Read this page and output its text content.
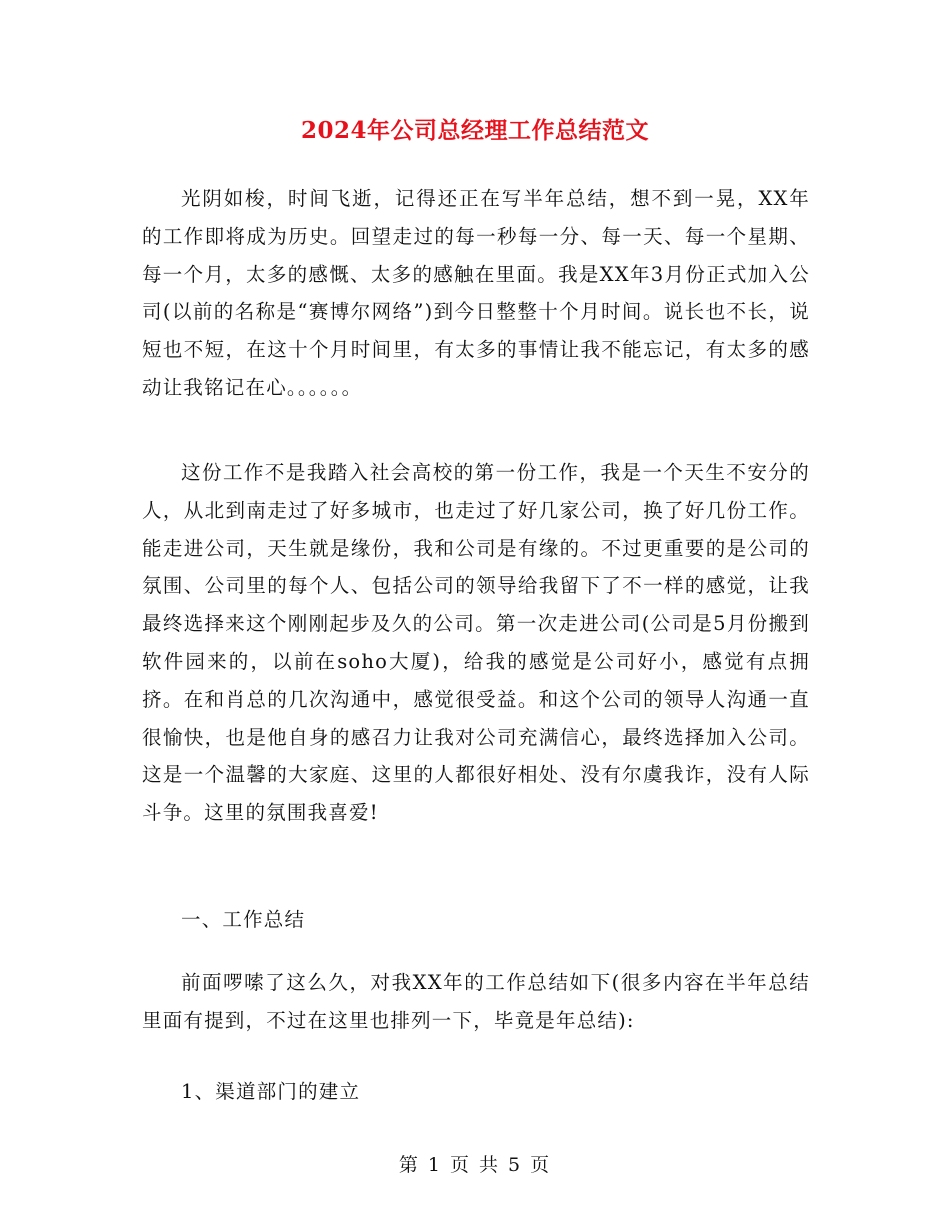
2024年公司总经理工作总结范文

光阴如梭，时间飞逝，记得还正在写半年总结，想不到一晃，XX年的工作即将成为历史。回望走过的每一秒每一分、每一天、每一个星期、每一个月，太多的感慨、太多的感触在里面。我是XX年3月份正式加入公司(以前的名称是“赛博尔网络”)到今日整整十个月时间。说长也不长，说短也不短，在这十个月时间里，有太多的事情让我不能忘记，有太多的感动让我铭记在心。。。。。。

这份工作不是我踏入社会高校的第一份工作，我是一个天生不安分的人，从北到南走过了好多城市，也走过了好几家公司，换了好几份工作。能走进公司，天生就是缘份，我和公司是有缘的。不过更重要的是公司的氛围、公司里的每个人、包括公司的领导给我留下了不一样的感觉，让我最终选择来这个刚刚起步及久的公司。第一次走进公司(公司是5月份搬到软件园来的，以前在soho大厦)，给我的感觉是公司好小，感觉有点拥挤。在和肖总的几次沟通中，感觉很受益。和这个公司的领导人沟通一直很愉快，也是他自身的感召力让我对公司充满信心，最终选择加入公司。这是一个温馨的大家庭、这里的人都很好相处、没有尔虞我诈，没有人际斗争。这里的氛围我喜爱!

一、工作总结

前面啰嗦了这么久，对我XX年的工作总结如下(很多内容在半年总结里面有提到，不过在这里也排列一下，毕竟是年总结):

1、渠道部门的建立

第 1 页 共 5 页
